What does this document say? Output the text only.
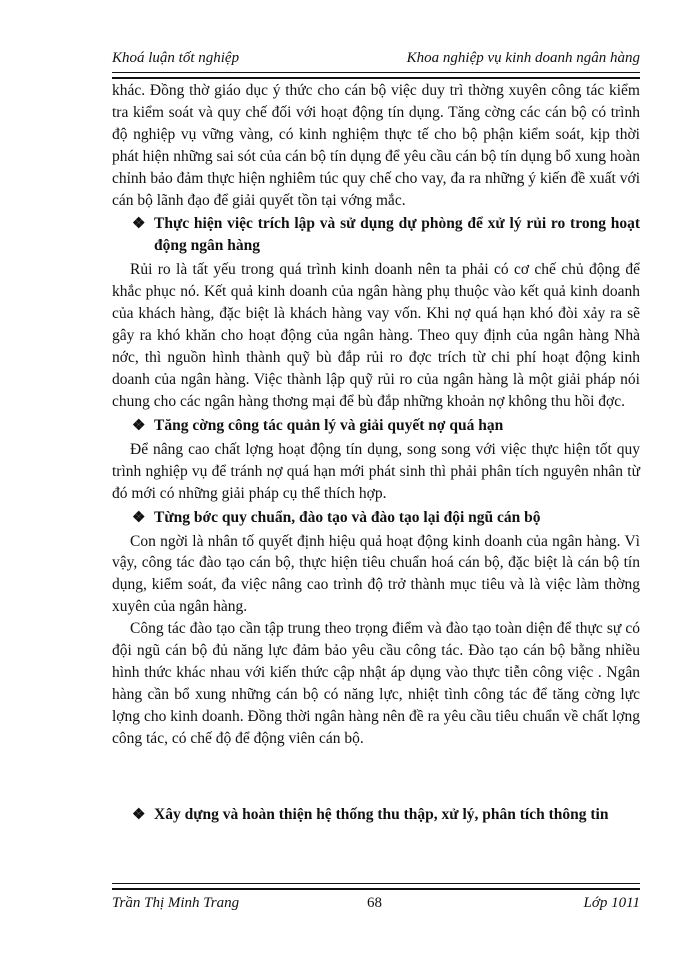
Khoá luận tốt nghiệp	Khoa nghiệp vụ kinh doanh ngân hàng

khác. Đồng thờ giáo dục ý thức cho cán bộ việc duy trì thờng xuyên công tác kiểm tra kiểm soát và quy chế đối với hoạt động tín dụng. Tăng cờng các cán bộ có trình độ nghiệp vụ vững vàng, có kinh nghiệm thực tế cho bộ phận kiểm soát, kịp thời phát hiện những sai sót của cán bộ tín dụng để yêu cầu cán bộ tín dụng bổ xung hoàn chỉnh bảo đảm thực hiện nghiêm túc quy chế cho vay, đa ra những ý kiến đề xuất với cán bộ lãnh đạo để giải quyết tồn tại vớng mắc.

❖ Thực hiện việc trích lập và sử dụng dự phòng để xử lý rủi ro trong hoạt động ngân hàng

Rủi ro là tất yếu trong quá trình kinh doanh nên ta phải có cơ chế chủ động để khắc phục nó. Kết quả kinh doanh của ngân hàng phụ thuộc vào kết quả kinh doanh của khách hàng, đặc biệt là khách hàng vay vốn. Khi nợ quá hạn khó đòi xảy ra sẽ gây ra khó khăn cho hoạt động của ngân hàng. Theo quy định của ngân hàng Nhà nớc, thì nguồn hình thành quỹ bù đắp rủi ro đợc trích từ chi phí hoạt động kinh doanh của ngân hàng. Việc thành lập quỹ rủi ro của ngân hàng là một giải pháp nói chung cho các ngân hàng thơng mại để bù đắp những khoản nợ không thu hồi đợc.

❖ Tăng cờng công tác quản lý và giải quyết nợ quá hạn

Để nâng cao chất lợng hoạt động tín dụng, song song với việc thực hiện tốt quy trình nghiệp vụ để tránh nợ quá hạn mới phát sinh thì phải phân tích nguyên nhân từ đó mới có những giải pháp cụ thể thích hợp.

❖ Từng bớc quy chuẩn, đào tạo và đào tạo lại đội ngũ cán bộ

Con ngời là nhân tố quyết định hiệu quả hoạt động kinh doanh của ngân hàng. Vì vậy, công tác đào tạo cán bộ, thực hiện tiêu chuẩn hoá cán bộ, đặc biệt là cán bộ tín dụng, kiểm soát, đa việc nâng cao trình độ trở thành mục tiêu và là việc làm thờng xuyên của ngân hàng.

Công tác đào tạo cần tập trung theo trọng điểm và đào tạo toàn diện để thực sự có đội ngũ cán bộ đủ năng lực đảm bảo yêu cầu công tác. Đào tạo cán bộ bằng nhiều hình thức khác nhau với kiến thức cập nhật áp dụng vào thực tiễn công việc . Ngân hàng cần bổ xung những cán bộ có năng lực, nhiệt tình công tác để tăng cờng lực lợng cho kinh doanh. Đồng thời ngân hàng nên đề ra yêu cầu tiêu chuẩn về chất lợng công tác, có chế độ để động viên cán bộ.

❖ Xây dựng và hoàn thiện hệ thống thu thập, xử lý, phân tích thông tin
Trần Thị Minh Trang	68	Lớp 1011
